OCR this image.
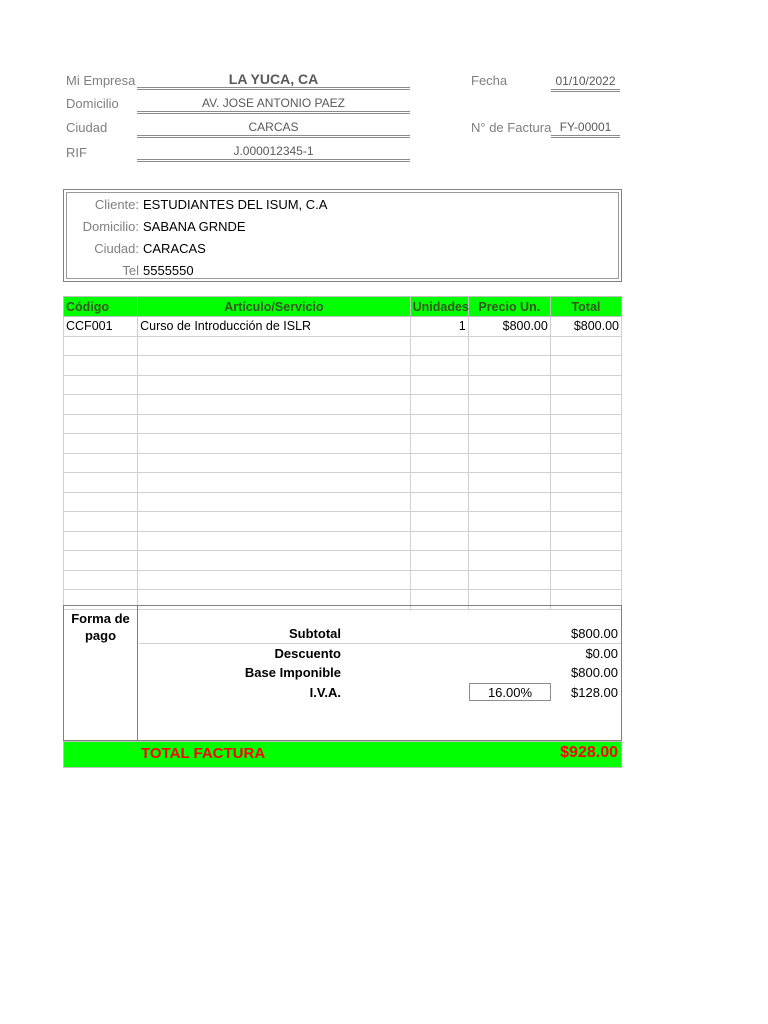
Mi Empresa	LA YUCA, CA
Domicilio	AV. JOSE ANTONIO PAEZ
Ciudad	CARCAS
RIF	J.000012345-1
Fecha	01/10/2022
N° de Factura FY-00001
Cliente: ESTUDIANTES DEL ISUM, C.A
Domicilio: SABANA GRNDE
Ciudad: CARACAS
Tel 5555550
Código	Artículo/Servicio	Unidades	Precio Un.	Total
CCF001	Curso de Introducción de ISLR	1	$800.00	$800.00

Forma de pago	Subtotal	$800.00
Descuento	$0.00
Base Imponible	$800.00
I.V.A.	16.00%	$128.00
TOTAL FACTURA	$928.00
